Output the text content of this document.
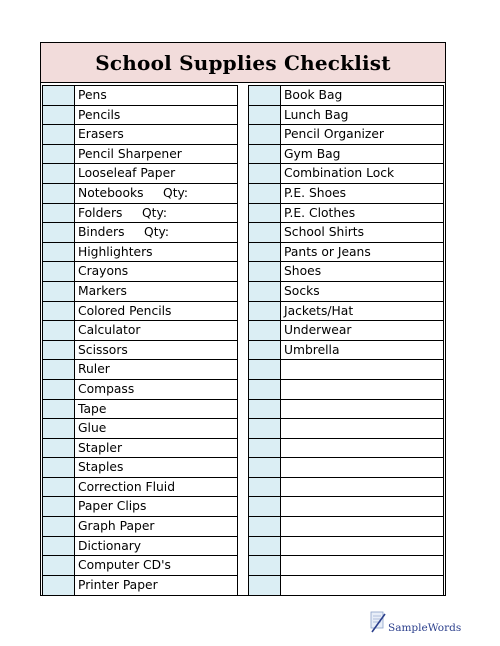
School Supplies Checklist
Pens
Pencils
Erasers
Pencil Sharpener
Looseleaf Paper
Notebooks     Qty:
Folders     Qty:
Binders     Qty:
Highlighters
Crayons
Markers
Colored Pencils
Calculator
Scissors
Ruler
Compass
Tape
Glue
Stapler
Staples
Correction Fluid
Paper Clips
Graph Paper
Dictionary
Computer CD's
Printer Paper
Book Bag
Lunch Bag
Pencil Organizer
Gym Bag
Combination Lock
P.E. Shoes
P.E. Clothes
School Shirts
Pants or Jeans
Shoes
Socks
Jackets/Hat
Underwear
Umbrella
SampleWords
